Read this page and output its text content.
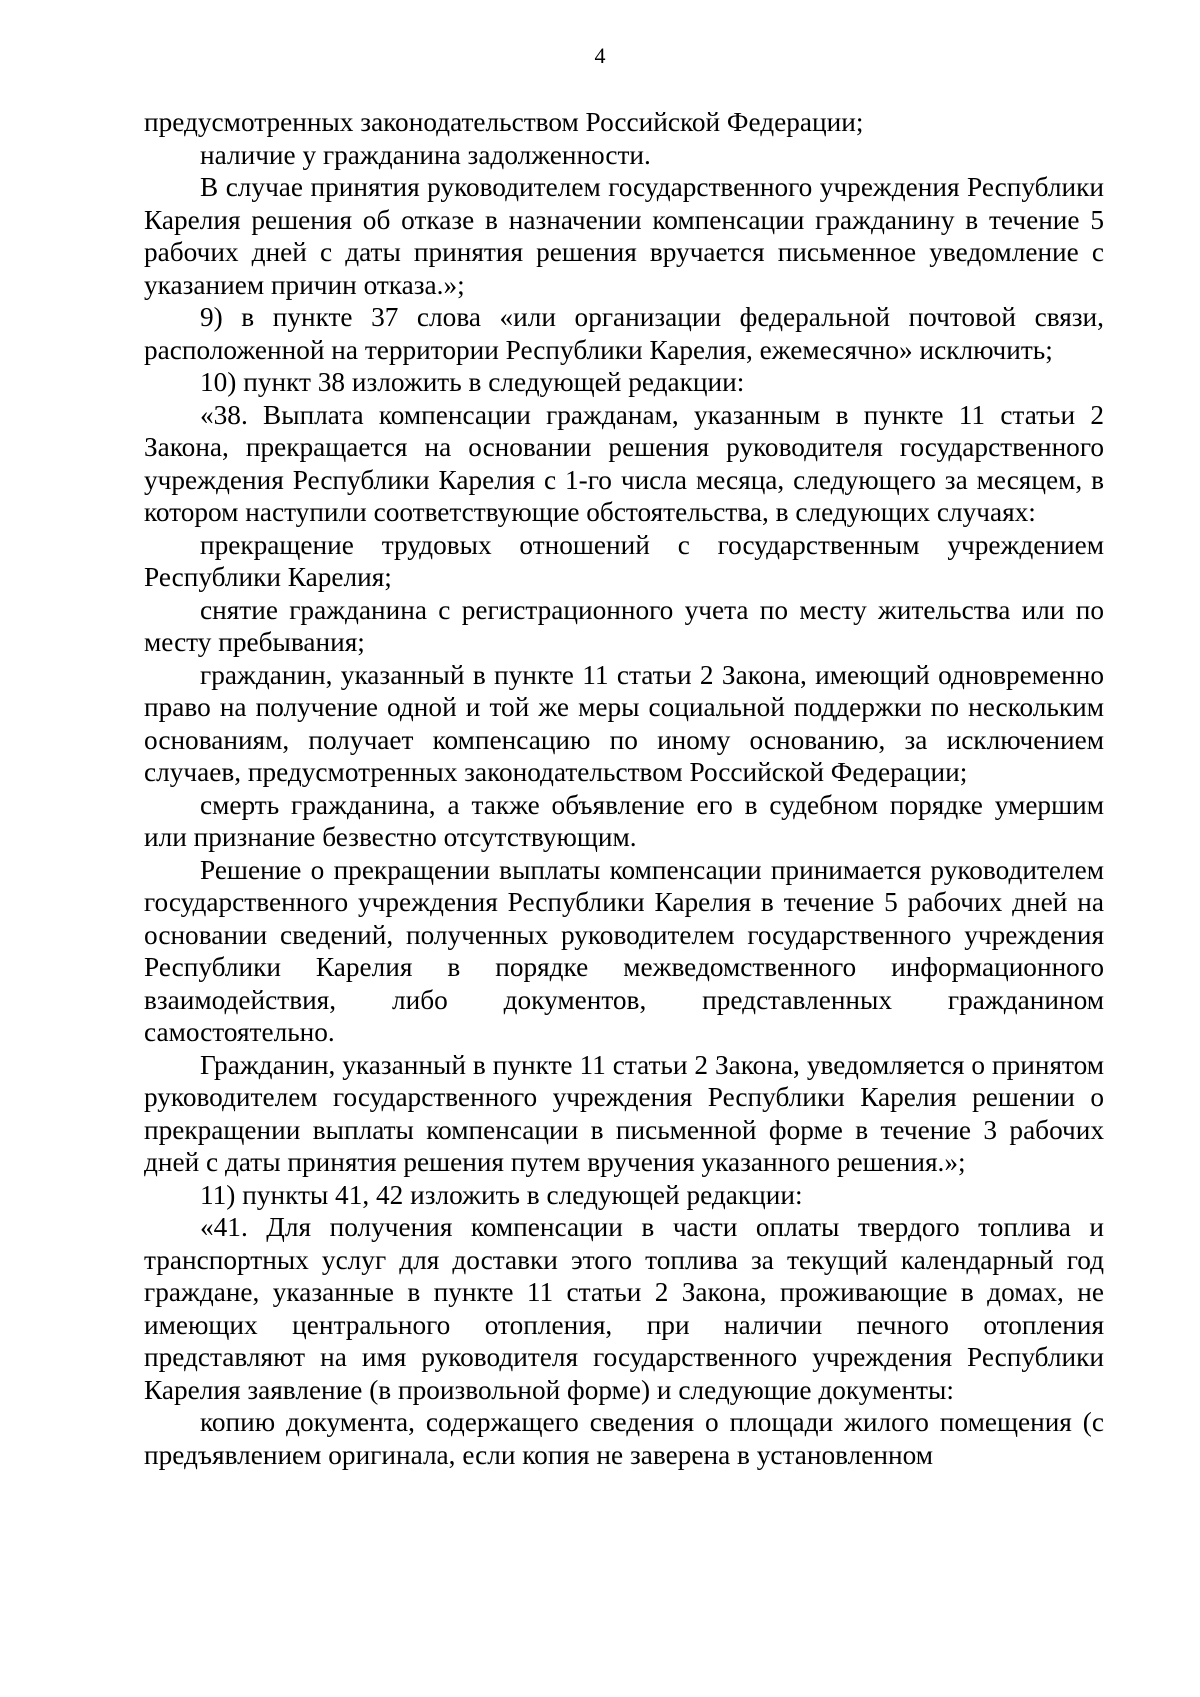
4

предусмотренных законодательством Российской Федерации;

наличие у гражданина задолженности.

В случае принятия руководителем государственного учреждения Республики Карелия решения об отказе в назначении компенсации гражданину в течение 5 рабочих дней с даты принятия решения вручается письменное уведомление с указанием причин отказа.»;

9) в пункте 37 слова «или организации федеральной почтовой связи, расположенной на территории Республики Карелия, ежемесячно» исключить;

10) пункт 38 изложить в следующей редакции:

«38. Выплата компенсации гражданам, указанным в пункте 11 статьи 2 Закона, прекращается на основании решения руководителя государственного учреждения Республики Карелия с 1-го числа месяца, следующего за месяцем, в котором наступили соответствующие обстоятельства, в следующих случаях:

прекращение трудовых отношений с государственным учреждением Республики Карелия;

снятие гражданина с регистрационного учета по месту жительства или по месту пребывания;

гражданин, указанный в пункте 11 статьи 2 Закона, имеющий одновременно право на получение одной и той же меры социальной поддержки по нескольким основаниям, получает компенсацию по иному основанию, за исключением случаев, предусмотренных законодательством Российской Федерации;

смерть гражданина, а также объявление его в судебном порядке умершим или признание безвестно отсутствующим.

Решение о прекращении выплаты компенсации принимается руководителем государственного учреждения Республики Карелия в течение 5 рабочих дней на основании сведений, полученных руководителем государственного учреждения Республики Карелия в порядке межведомственного информационного взаимодействия, либо документов, представленных гражданином самостоятельно.

Гражданин, указанный в пункте 11 статьи 2 Закона, уведомляется о принятом руководителем государственного учреждения Республики Карелия решении о прекращении выплаты компенсации в письменной форме в течение 3 рабочих дней с даты принятия решения путем вручения указанного решения.»;

11) пункты 41, 42 изложить в следующей редакции:

«41. Для получения компенсации в части оплаты твердого топлива и транспортных услуг для доставки этого топлива за текущий календарный год граждане, указанные в пункте 11 статьи 2 Закона, проживающие в домах, не имеющих центрального отопления, при наличии печного отопления представляют на имя руководителя государственного учреждения Республики Карелия заявление (в произвольной форме) и следующие документы:

копию документа, содержащего сведения о площади жилого помещения (с предъявлением оригинала, если копия не заверена в установленном
